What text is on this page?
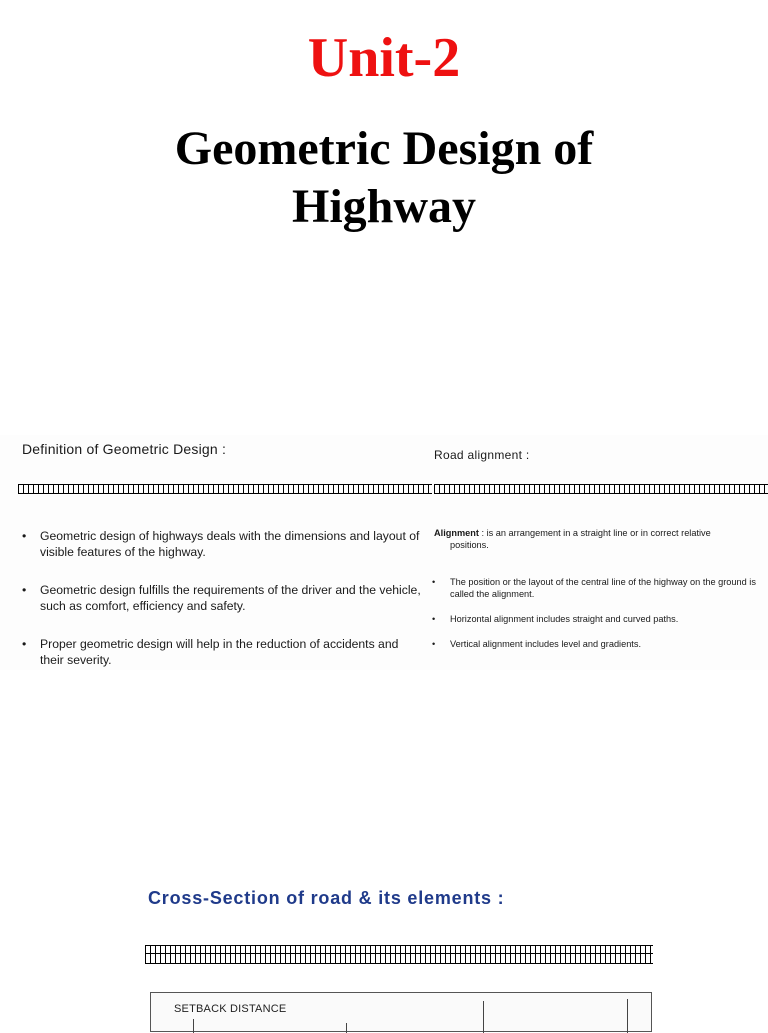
Unit-2
Geometric Design of Highway
Definition of Geometric Design :	Road alignment :
• Geometric design of highways deals with the dimensions and layout of visible features of the highway.
• Geometric design fulfills the requirements of the driver and the vehicle, such as comfort, efficiency and safety.
• Proper geometric design will help in the reduction of accidents and their severity.
Alignment : is an arrangement in a straight line or in correct relative
positions.
• The position or the layout of the central line of the highway on the ground is called the alignment.
• Horizontal alignment includes straight and curved paths.
• Vertical alignment includes level and gradients.
Cross-Section of road & its elements :
SETBACK DISTANCE
